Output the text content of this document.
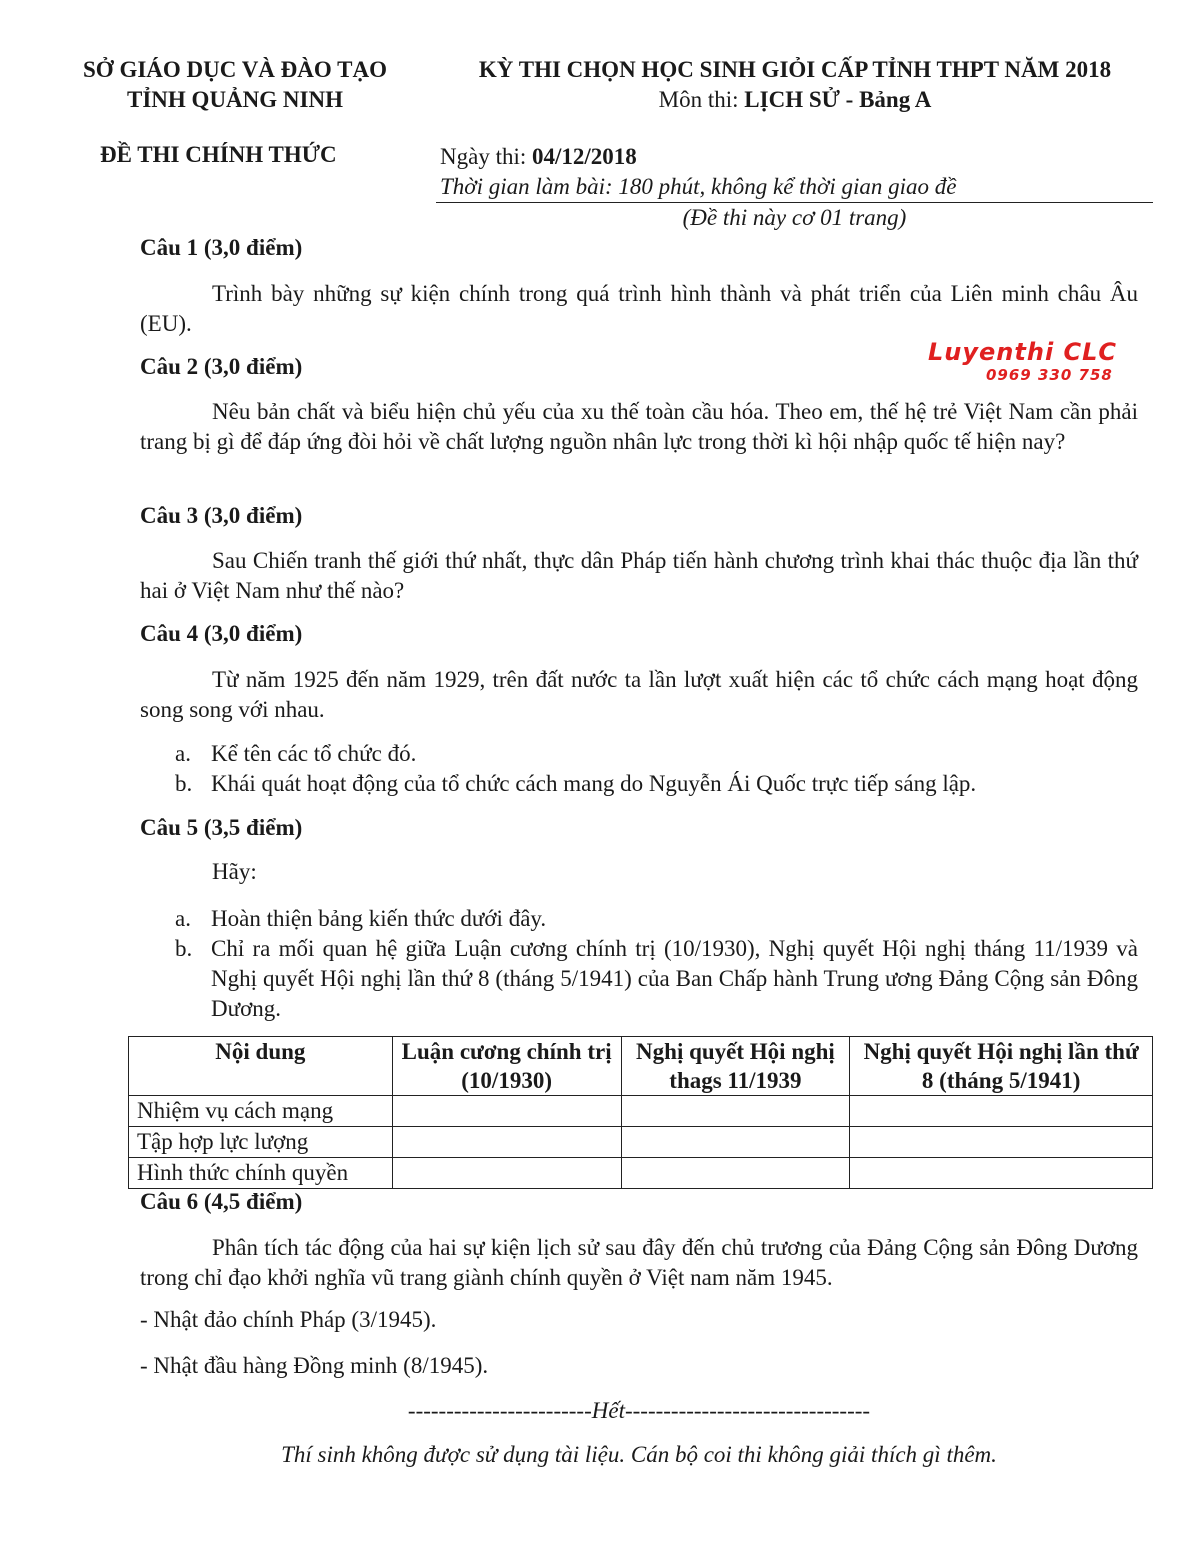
SỞ GIÁO DỤC VÀ ĐÀO TẠO
TỈNH QUẢNG NINH
KỲ THI CHỌN HỌC SINH GIỎI CẤP TỈNH THPT NĂM 2018
Môn thi: LỊCH SỬ - Bảng A
ĐỀ THI CHÍNH THỨC	Ngày thi: 04/12/2018
Thời gian làm bài: 180 phút, không kể thời gian giao đề
(Đề thi này cơ 01 trang)
Luyenthi CLC
0969 330 758
Câu 1 (3,0 điểm)
Trình bày những sự kiện chính trong quá trình hình thành và phát triển của Liên minh châu Âu (EU).
Câu 2 (3,0 điểm)
Nêu bản chất và biểu hiện chủ yếu của xu thế toàn cầu hóa. Theo em, thế hệ trẻ Việt Nam cần phải trang bị gì để đáp ứng đòi hỏi về chất lượng nguồn nhân lực trong thời kì hội nhập quốc tế hiện nay?
Câu 3 (3,0 điểm)
Sau Chiến tranh thế giới thứ nhất, thực dân Pháp tiến hành chương trình khai thác thuộc địa lần thứ hai ở Việt Nam như thế nào?
Câu 4 (3,0 điểm)
Từ năm 1925 đến năm 1929, trên đất nước ta lần lượt xuất hiện các tổ chức cách mạng hoạt động song song với nhau.
a. Kể tên các tổ chức đó.
b. Khái quát hoạt động của tổ chức cách mang do Nguyễn Ái Quốc trực tiếp sáng lập.
Câu 5 (3,5 điểm)
Hãy:
a. Hoàn thiện bảng kiến thức dưới đây.
b. Chỉ ra mối quan hệ giữa Luận cương chính trị (10/1930), Nghị quyết Hội nghị tháng 11/1939 và Nghị quyết Hội nghị lần thứ 8 (tháng 5/1941) của Ban Chấp hành Trung ương Đảng Cộng sản Đông Dương.
Nội dung	Luận cương chính trị (10/1930)	Nghị quyết Hội nghị thags 11/1939	Nghị quyết Hội nghị lần thứ 8 (tháng 5/1941)
Nhiệm vụ cách mạng			
Tập hợp lực lượng			
Hình thức chính quyền			
Câu 6 (4,5 điểm)
Phân tích tác động của hai sự kiện lịch sử sau đây đến chủ trương của Đảng Cộng sản Đông Dương trong chỉ đạo khởi nghĩa vũ trang giành chính quyền ở Việt nam năm 1945.
- Nhật đảo chính Pháp (3/1945).
- Nhật đầu hàng Đồng minh (8/1945).
------------------------Hết--------------------------------
Thí sinh không được sử dụng tài liệu. Cán bộ coi thi không giải thích gì thêm.
